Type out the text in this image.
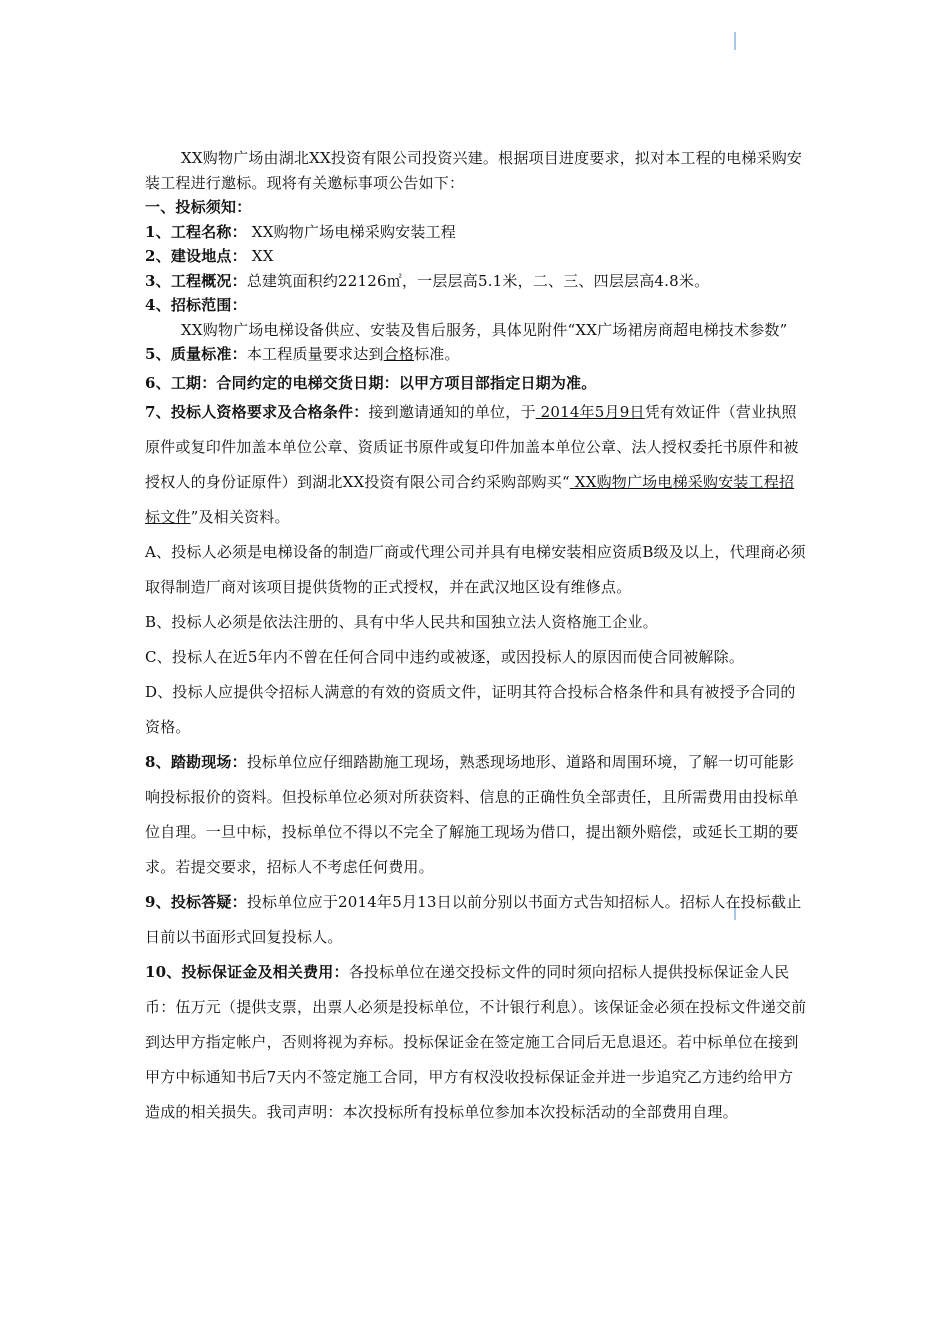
XX购物广场由湖北XX投资有限公司投资兴建。根据项目进度要求，拟对本工程的电梯采购安装工程进行邀标。现将有关邀标事项公告如下：

一、投标须知：

1、工程名称： XX购物广场电梯采购安装工程

2、建设地点： XX

3、工程概况：总建筑面积约22126㎡，一层层高5.1米，二、三、四层层高4.8米。

4、招标范围：

XX购物广场电梯设备供应、安装及售后服务，具体见附件“XX广场裙房商超电梯技术参数”

5、质量标准：本工程质量要求达到合格标准。

6、工期：合同约定的电梯交货日期：以甲方项目部指定日期为准。

7、投标人资格要求及合格条件：接到邀请通知的单位，于 2014年5月9日凭有效证件（营业执照原件或复印件加盖本单位公章、资质证书原件或复印件加盖本单位公章、法人授权委托书原件和被授权人的身份证原件）到湖北XX投资有限公司合约采购部购买“ XX购物广场电梯采购安装工程招标文件”及相关资料。

A、投标人必须是电梯设备的制造厂商或代理公司并具有电梯安装相应资质B级及以上，代理商必须取得制造厂商对该项目提供货物的正式授权，并在武汉地区设有维修点。

B、投标人必须是依法注册的、具有中华人民共和国独立法人资格施工企业。

C、投标人在近5年内不曾在任何合同中违约或被逐，或因投标人的原因而使合同被解除。

D、投标人应提供令招标人满意的有效的资质文件，证明其符合投标合格条件和具有被授予合同的资格。

8、踏勘现场：投标单位应仔细踏勘施工现场，熟悉现场地形、道路和周围环境，了解一切可能影响投标报价的资料。但投标单位必须对所获资料、信息的正确性负全部责任，且所需费用由投标单位自理。一旦中标，投标单位不得以不完全了解施工现场为借口，提出额外赔偿，或延长工期的要求。若提交要求，招标人不考虑任何费用。

9、投标答疑：投标单位应于2014年5月13日以前分别以书面方式告知招标人。招标人在投标截止日前以书面形式回复投标人。

10、投标保证金及相关费用：各投标单位在递交投标文件的同时须向招标人提供投标保证金人民币：伍万元（提供支票，出票人必须是投标单位，不计银行利息）。该保证金必须在投标文件递交前到达甲方指定帐户，否则将视为弃标。投标保证金在签定施工合同后无息退还。若中标单位在接到甲方中标通知书后7天内不签定施工合同，甲方有权没收投标保证金并进一步追究乙方违约给甲方造成的相关损失。我司声明：本次投标所有投标单位参加本次投标活动的全部费用自理。
